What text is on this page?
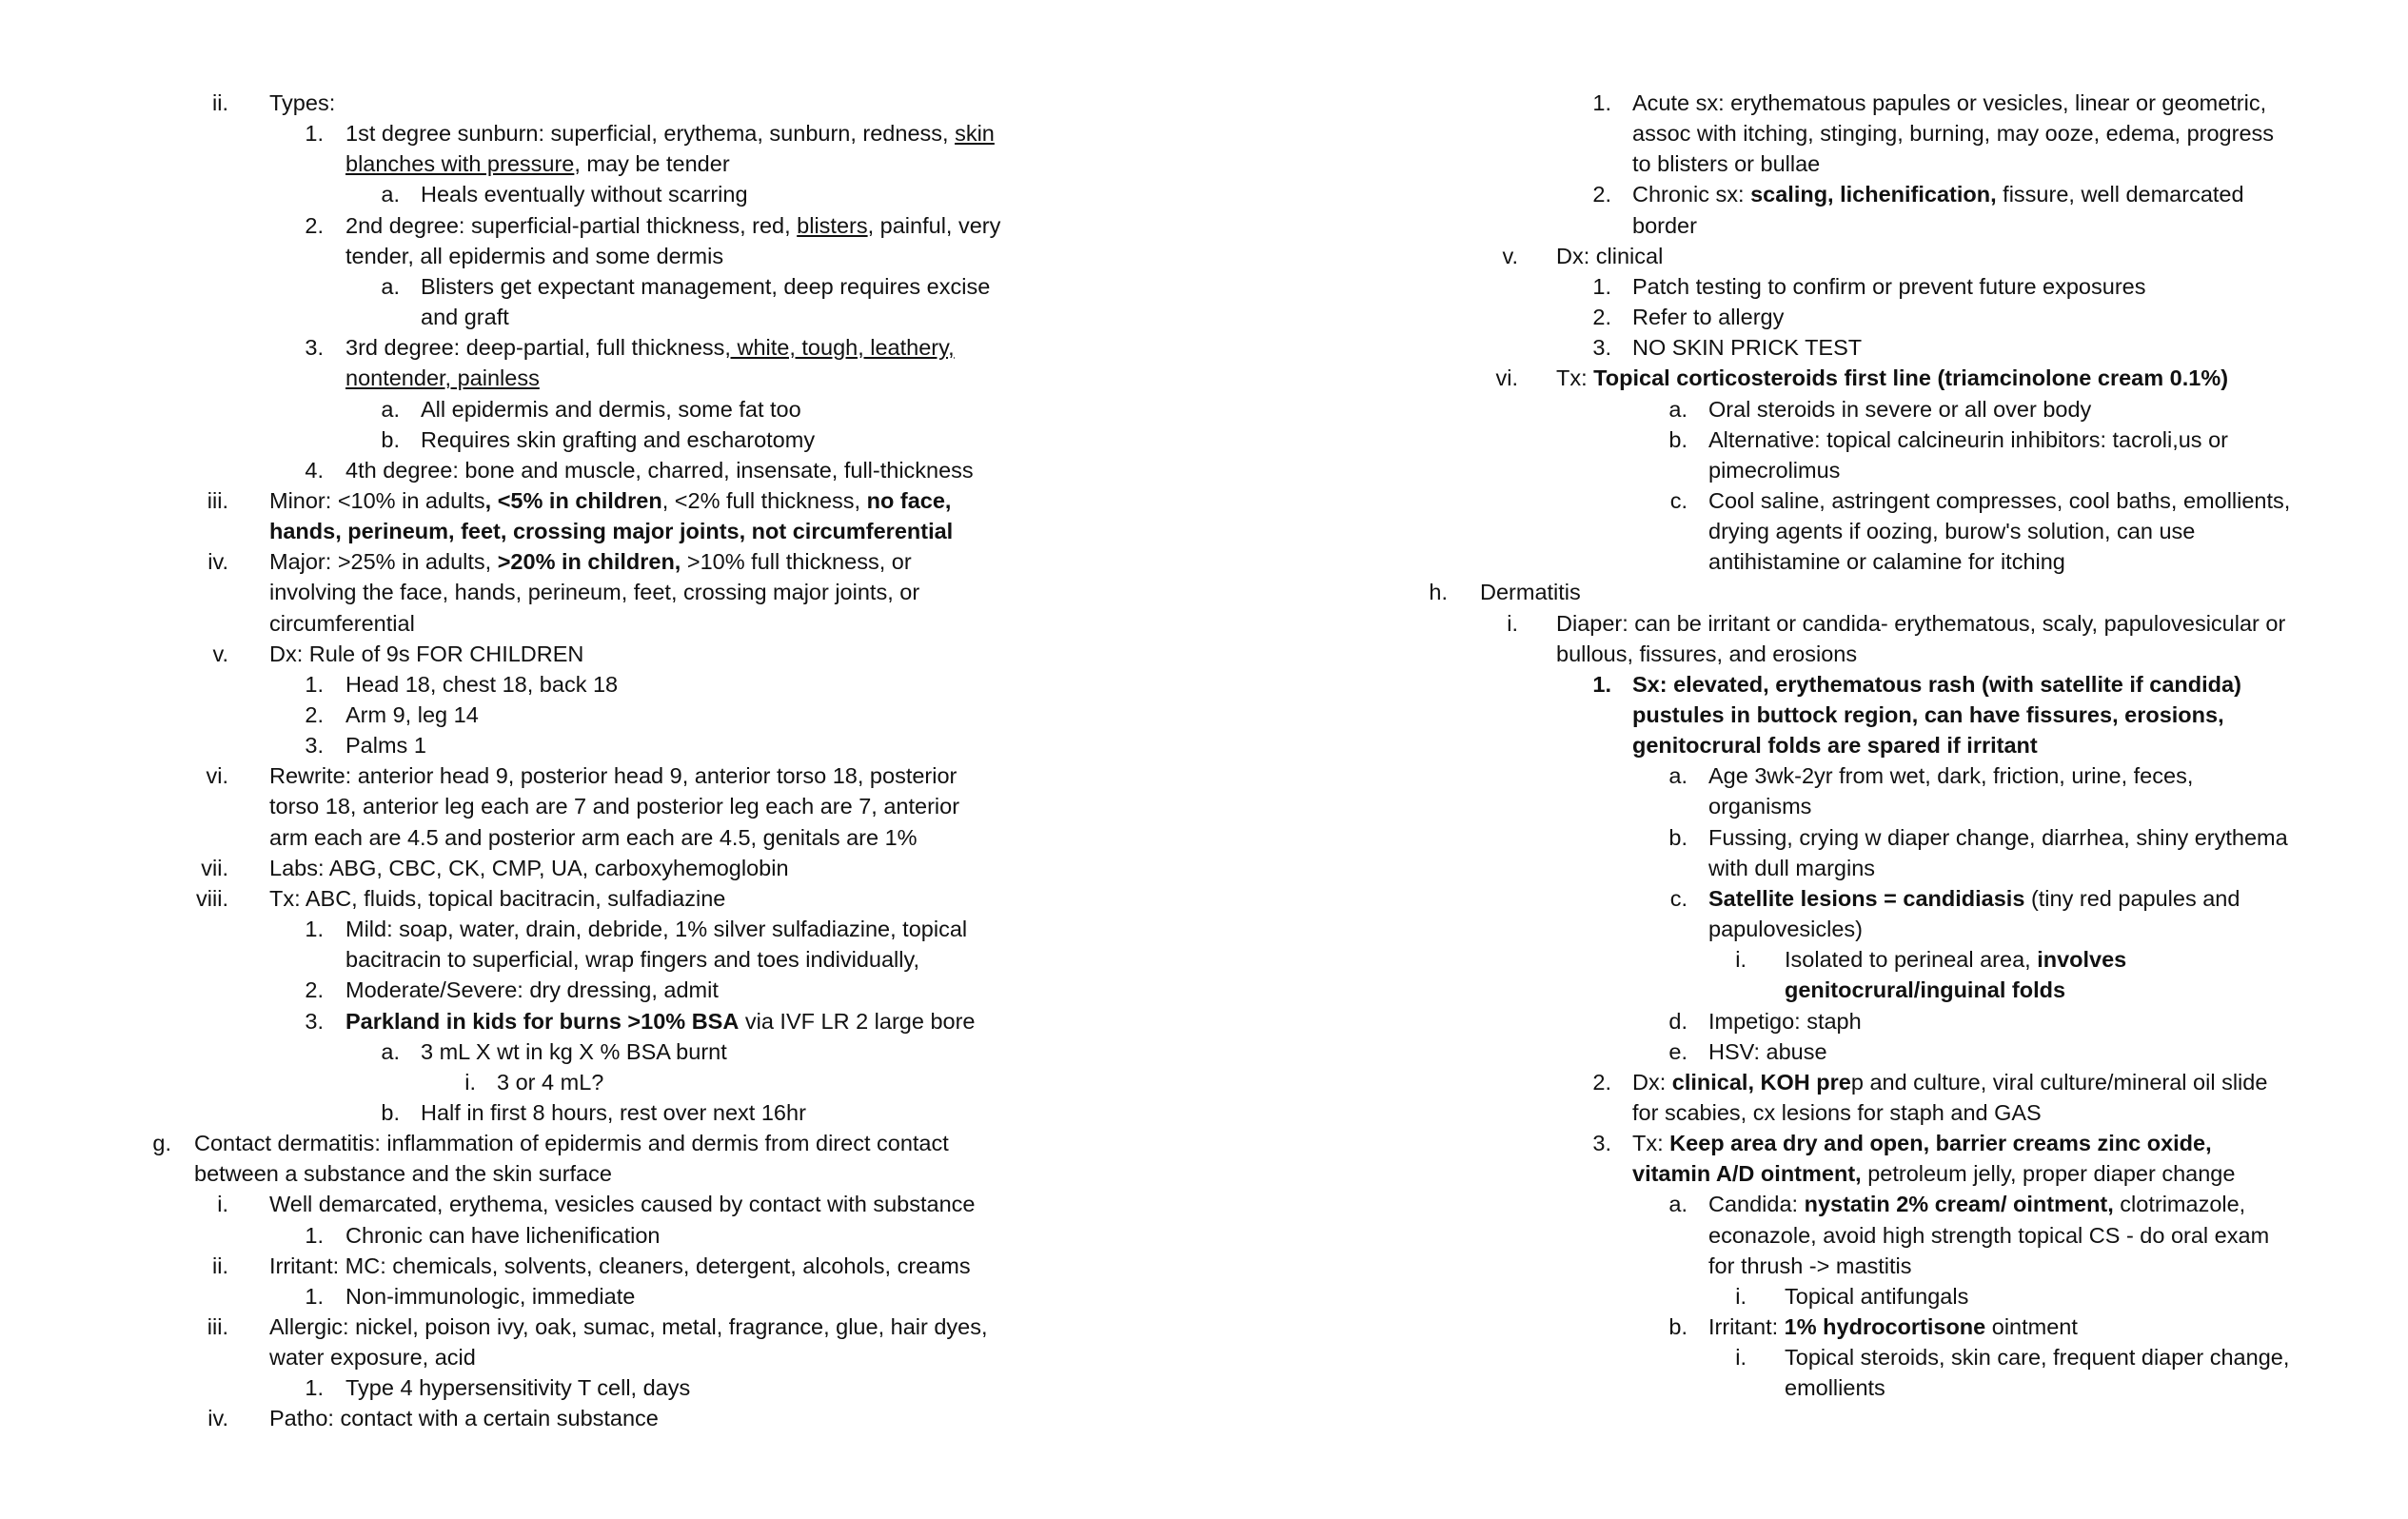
ii. Types:
1. 1st degree sunburn: superficial, erythema, sunburn, redness, skin
blanches with pressure, may be tender
a. Heals eventually without scarring
2. 2nd degree: superficial-partial thickness, red, blisters, painful, very
tender, all epidermis and some dermis
a. Blisters get expectant management, deep requires excise
and graft
3. 3rd degree: deep-partial, full thickness, white, tough, leathery,
nontender, painless
a. All epidermis and dermis, some fat too
b. Requires skin grafting and escharotomy
4. 4th degree: bone and muscle, charred, insensate, full-thickness
iii. Minor: <10% in adults, <5% in children, <2% full thickness, no face,
hands, perineum, feet, crossing major joints, not circumferential
iv. Major: >25% in adults, >20% in children, >10% full thickness, or
involving the face, hands, perineum, feet, crossing major joints, or
circumferential
v. Dx: Rule of 9s FOR CHILDREN
1. Head 18, chest 18, back 18
2. Arm 9, leg 14
3. Palms 1
vi. Rewrite: anterior head 9, posterior head 9, anterior torso 18, posterior
torso 18, anterior leg each are 7 and posterior leg each are 7, anterior
arm each are 4.5 and posterior arm each are 4.5, genitals are 1%
vii. Labs: ABG, CBC, CK, CMP, UA, carboxyhemoglobin
viii. Tx: ABC, fluids, topical bacitracin, sulfadiazine
1. Mild: soap, water, drain, debride, 1% silver sulfadiazine, topical
bacitracin to superficial, wrap fingers and toes individually,
2. Moderate/Severe: dry dressing, admit
3. Parkland in kids for burns >10% BSA via IVF LR 2 large bore
a. 3 mL X wt in kg X % BSA burnt
i. 3 or 4 mL?
b. Half in first 8 hours, rest over next 16hr
g. Contact dermatitis: inflammation of epidermis and dermis from direct contact
between a substance and the skin surface
i. Well demarcated, erythema, vesicles caused by contact with substance
1. Chronic can have lichenification
ii. Irritant: MC: chemicals, solvents, cleaners, detergent, alcohols, creams
1. Non-immunologic, immediate
iii. Allergic: nickel, poison ivy, oak, sumac, metal, fragrance, glue, hair dyes,
water exposure, acid
1. Type 4 hypersensitivity T cell, days
iv. Patho: contact with a certain substance
1. Acute sx: erythematous papules or vesicles, linear or geometric,
assoc with itching, stinging, burning, may ooze, edema, progress
to blisters or bullae
2. Chronic sx: scaling, lichenification, fissure, well demarcated
border
v. Dx: clinical
1. Patch testing to confirm or prevent future exposures
2. Refer to allergy
3. NO SKIN PRICK TEST
vi. Tx: Topical corticosteroids first line (triamcinolone cream 0.1%)
a. Oral steroids in severe or all over body
b. Alternative: topical calcineurin inhibitors: tacroli,us or
pimecrolimus
c. Cool saline, astringent compresses, cool baths, emollients,
drying agents if oozing, burow's solution, can use
antihistamine or calamine for itching
h. Dermatitis
i. Diaper: can be irritant or candida- erythematous, scaly, papulovesicular or
bullous, fissures, and erosions
1. Sx: elevated, erythematous rash (with satellite if candida)
pustules in buttock region, can have fissures, erosions,
genitocrural folds are spared if irritant
a. Age 3wk-2yr from wet, dark, friction, urine, feces,
organisms
b. Fussing, crying w diaper change, diarrhea, shiny erythema
with dull margins
c. Satellite lesions = candidiasis (tiny red papules and
papulovesicles)
i. Isolated to perineal area, involves
genitocrural/inguinal folds
d. Impetigo: staph
e. HSV: abuse
2. Dx: clinical, KOH prep and culture, viral culture/mineral oil slide
for scabies, cx lesions for staph and GAS
3. Tx: Keep area dry and open, barrier creams zinc oxide,
vitamin A/D ointment, petroleum jelly, proper diaper change
a. Candida: nystatin 2% cream/ ointment, clotrimazole,
econazole, avoid high strength topical CS - do oral exam
for thrush -> mastitis
i. Topical antifungals
b. Irritant: 1% hydrocortisone ointment
i. Topical steroids, skin care, frequent diaper change,
emollients
